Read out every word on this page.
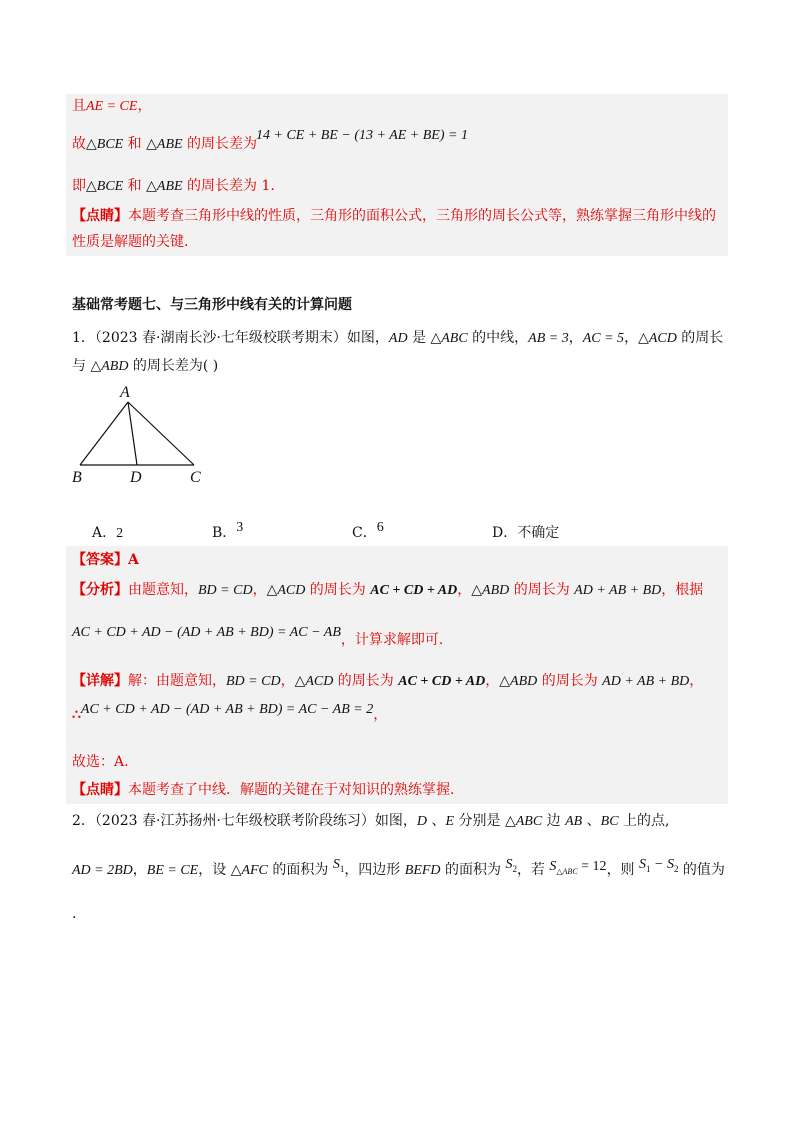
且AE = CE，
故△BCE 和 △ABE 的周长差为
14 + CE + BE − (13 + AE + BE) = 1
即△BCE 和 △ABE 的周长差为 1.
【点睛】本题考查三角形中线的性质，三角形的面积公式，三角形的周长公式等，熟练掌握三角形中线的
性质是解题的关键.
基础常考题七、与三角形中线有关的计算问题
1．（2023 春·湖南长沙·七年级校联考期末）如图，AD 是 △ABC 的中线，AB = 3，AC = 5，△ACD 的周长
与 △ABD 的周长差为( )
A
B	D	C
A．2	B．3	C．6	D．不确定
【答案】A
【分析】由题意知，BD = CD，△ACD 的周长为 AC + CD + AD，△ABD 的周长为 AD + AB + BD，根据
AC + CD + AD − (AD + AB + BD) = AC − AB，计算求解即可.
【详解】解：由题意知，BD = CD，△ACD 的周长为 AC + CD + AD，△ABD 的周长为 AD + AB + BD，
∴AC + CD + AD − (AD + AB + BD) = AC − AB = 2，
故选：A.
【点睛】本题考查了中线．解题的关键在于对知识的熟练掌握.
2．（2023 春·江苏扬州·七年级校联考阶段练习）如图，D 、E 分别是 △ABC 边 AB 、BC 上的点,
AD = 2BD，BE = CE，设 △AFC 的面积为 $S_1$，四边形 BEFD 的面积为 $S_2$，若 $S_{\triangle ABC} = 12$，则 $S_1 - S_2$ 的值为
.
